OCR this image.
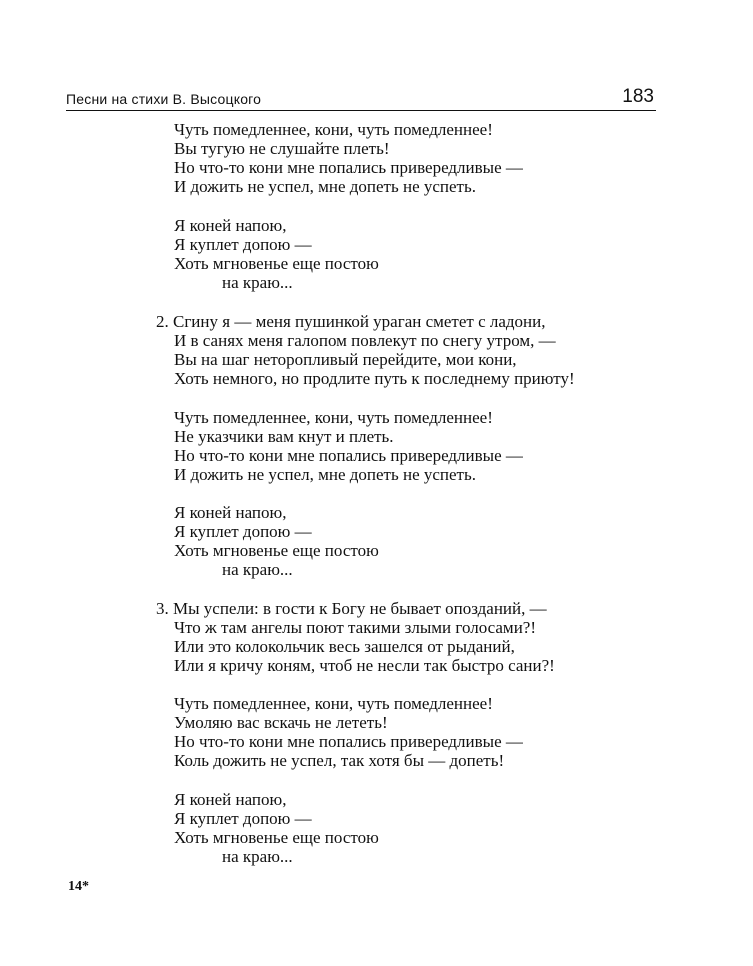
Песни на стихи В. Высоцкого	183
Чуть помедленнее, кони, чуть помедленнее!
Вы тугую не слушайте плеть!
Но что-то кони мне попались привередливые —
И дожить не успел, мне допеть не успеть.
Я коней напою,
Я куплет допою —
Хоть мгновенье еще постою
на краю...
2. Сгину я — меня пушинкой ураган сметет с ладони,
И в санях меня галопом повлекут по снегу утром, —
Вы на шаг неторопливый перейдите, мои кони,
Хоть немного, но продлите путь к последнему приюту!
Чуть помедленнее, кони, чуть помедленнее!
Не указчики вам кнут и плеть.
Но что-то кони мне попались привередливые —
И дожить не успел, мне допеть не успеть.
Я коней напою,
Я куплет допою —
Хоть мгновенье еще постою
на краю...
3. Мы успели: в гости к Богу не бывает опозданий, —
Что ж там ангелы поют такими злыми голосами?!
Или это колокольчик весь зашелся от рыданий,
Или я кричу коням, чтоб не несли так быстро сани?!
Чуть помедленнее, кони, чуть помедленнее!
Умоляю вас вскачь не лететь!
Но что-то кони мне попались привередливые —
Коль дожить не успел, так хотя бы — допеть!
Я коней напою,
Я куплет допою —
Хоть мгновенье еще постою
на краю...
14*
